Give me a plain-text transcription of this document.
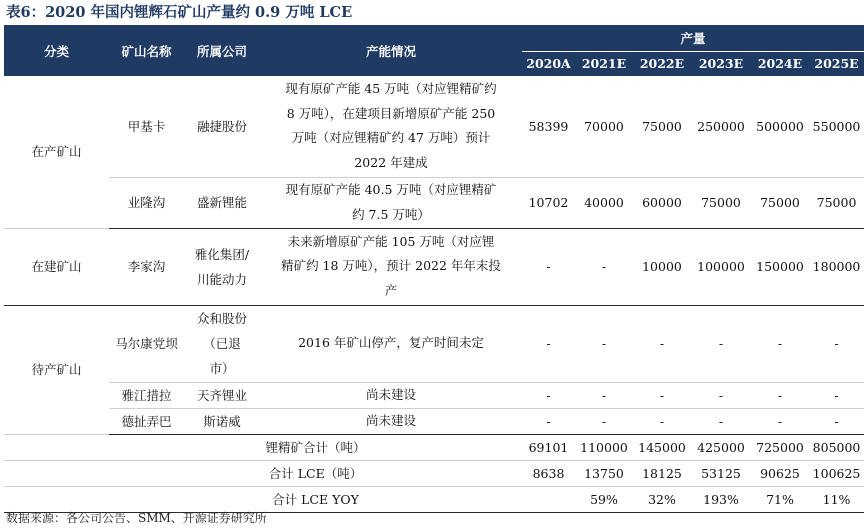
表6：2020 年国内锂辉石矿山产量约 0.9 万吨 LCE
分类	矿山名称	所属公司	产能情况	产量					
				2020A	2021E	2022E	2023E	2024E	2025E
在产矿山	甲基卡	融捷股份	现有原矿产能 45 万吨（对应锂精矿约
8 万吨），在建项目新增原矿产能 250
万吨（对应锂精矿约 47 万吨）预计
2022 年建成	58399	70000	75000	250000	500000	550000
	业隆沟	盛新锂能	现有原矿产能 40.5 万吨（对应锂精矿
约 7.5 万吨）	10702	40000	60000	75000	75000	75000
在建矿山	李家沟	雅化集团/
川能动力	未来新增原矿产能 105 万吨（对应锂
精矿约 18 万吨），预计 2022 年年末投
产	-	-	10000	100000	150000	180000
待产矿山	马尔康党坝	众和股份
（已退
市）	2016 年矿山停产，复产时间未定	-	-	-	-	-	-
	雅江措拉	天齐锂业	尚未建设	-	-	-	-	-	-
	德扯弄巴	斯诺威	尚未建设	-	-	-	-	-	-
	锂精矿合计（吨）			69101	110000	145000	425000	725000	805000
	合计 LCE（吨）			8638	13750	18125	53125	90625	100625
	合计 LCE YOY				59%	32%	193%	71%	11%
数据来源：各公司公告、SMM、开源证券研究所
